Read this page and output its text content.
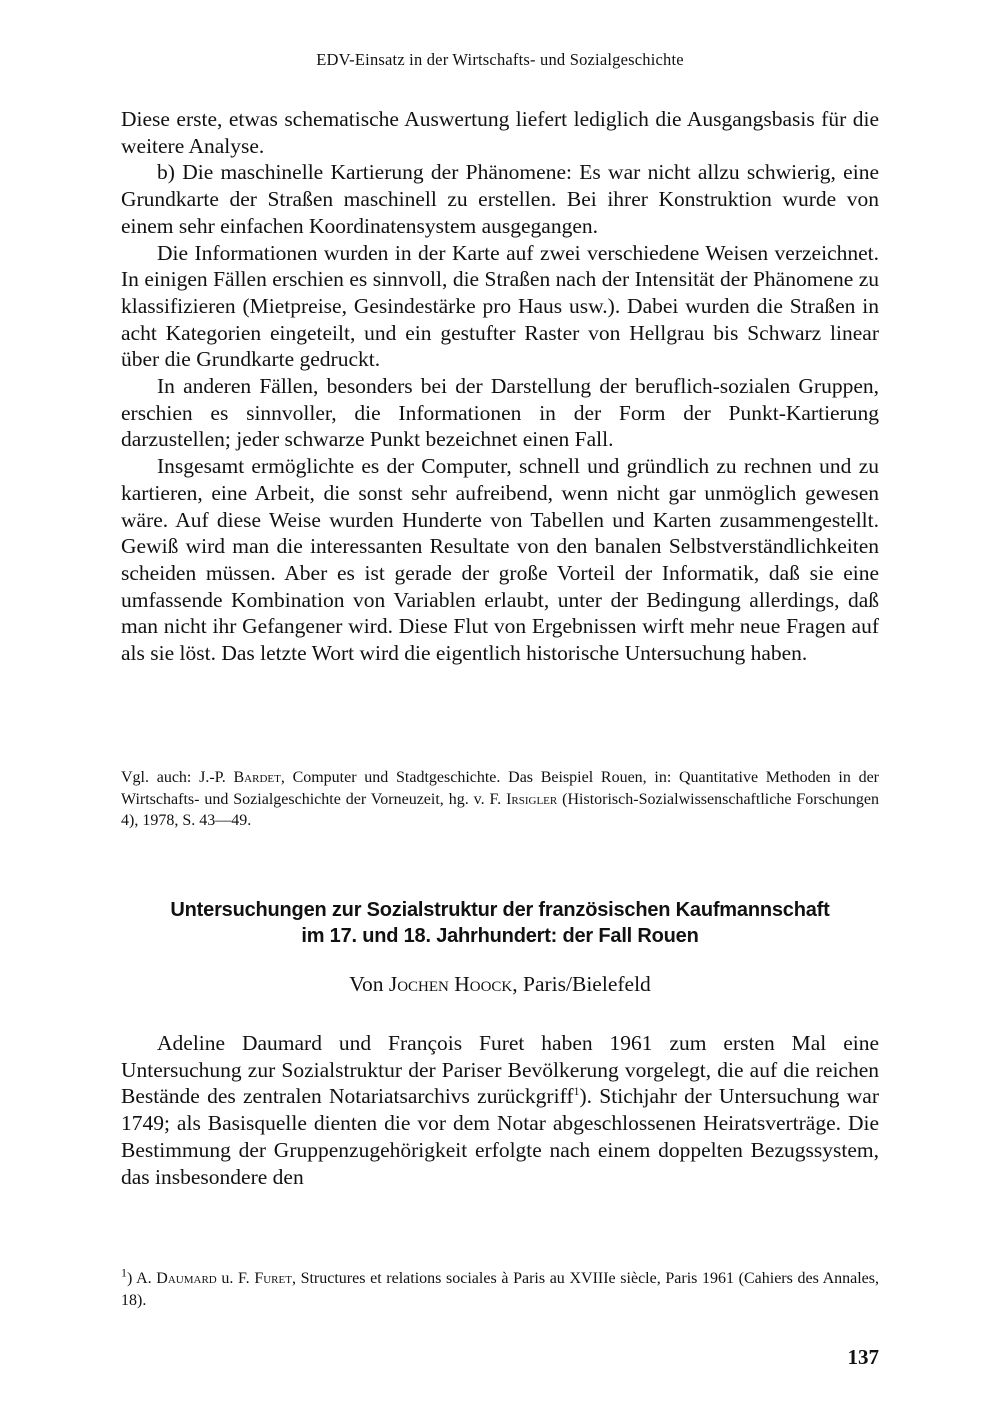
EDV-Einsatz in der Wirtschafts- und Sozialgeschichte

Diese erste, etwas schematische Auswertung liefert lediglich die Ausgangsbasis für die weitere Analyse.

b) Die maschinelle Kartierung der Phänomene: Es war nicht allzu schwierig, eine Grundkarte der Straßen maschinell zu erstellen. Bei ihrer Konstruktion wurde von einem sehr einfachen Koordinatensystem ausgegangen.

Die Informationen wurden in der Karte auf zwei verschiedene Weisen verzeichnet. In einigen Fällen erschien es sinnvoll, die Straßen nach der Intensität der Phänomene zu klassifizieren (Mietpreise, Gesindestärke pro Haus usw.). Dabei wurden die Straßen in acht Kategorien eingeteilt, und ein gestufter Raster von Hellgrau bis Schwarz linear über die Grundkarte gedruckt.

In anderen Fällen, besonders bei der Darstellung der beruflich-sozialen Gruppen, erschien es sinnvoller, die Informationen in der Form der Punkt-Kartierung darzustellen; jeder schwarze Punkt bezeichnet einen Fall.

Insgesamt ermöglichte es der Computer, schnell und gründlich zu rechnen und zu kartieren, eine Arbeit, die sonst sehr aufreibend, wenn nicht gar unmöglich gewesen wäre. Auf diese Weise wurden Hunderte von Tabellen und Karten zusammengestellt. Gewiß wird man die interessanten Resultate von den banalen Selbstverständlichkeiten scheiden müssen. Aber es ist gerade der große Vorteil der Informatik, daß sie eine umfassende Kombination von Variablen erlaubt, unter der Bedingung allerdings, daß man nicht ihr Gefangener wird. Diese Flut von Ergebnissen wirft mehr neue Fragen auf als sie löst. Das letzte Wort wird die eigentlich historische Untersuchung haben.

Vgl. auch: J.-P. Bardet, Computer und Stadtgeschichte. Das Beispiel Rouen, in: Quantitative Methoden in der Wirtschafts- und Sozialgeschichte der Vorneuzeit, hg. v. F. Irsigler (Historisch-Sozialwissenschaftliche Forschungen 4), 1978, S. 43—49.
Untersuchungen zur Sozialstruktur der französischen Kaufmannschaft
im 17. und 18. Jahrhundert: der Fall Rouen
Von Jochen Hoock, Paris/Bielefeld

Adeline Daumard und François Furet haben 1961 zum ersten Mal eine Untersuchung zur Sozialstruktur der Pariser Bevölkerung vorgelegt, die auf die reichen Bestände des zentralen Notariatsarchivs zurückgriff$^1$). Stichjahr der Untersuchung war 1749; als Basisquelle dienten die vor dem Notar abgeschlossenen Heiratsverträge. Die Bestimmung der Gruppenzugehörigkeit erfolgte nach einem doppelten Bezugssystem, das insbesondere den

$^1$) A. Daumard u. F. Furet, Structures et relations sociales à Paris au XVIIIe siècle, Paris 1961 (Cahiers des Annales, 18).
137
